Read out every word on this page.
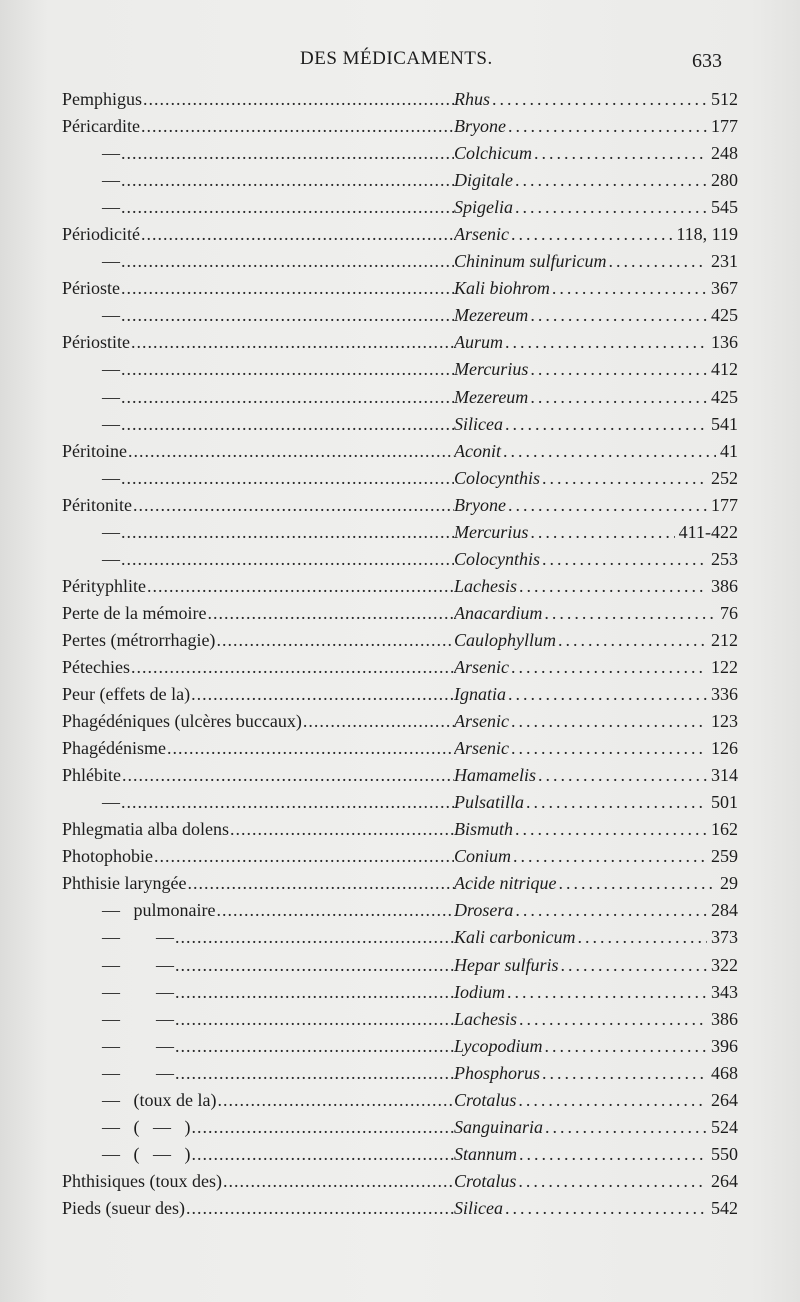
DES MÉDICAMENTS.	633
Pemphigus .....	Rhus .....	512
Péricardite .....	Bryone .....	177
— .....	Colchicum .....	248
— .....	Digitale .....	280
— .....	Spigelia .....	545
Périodicité .....	Arsenic .....	118, 119
— .....	Chininum sulfuricum .....	231
Périoste .....	Kali biohrom .....	367
— .....	Mezereum .....	425
Périostite .....	Aurum .....	136
— .....	Mercurius .....	412
— .....	Mezereum .....	425
— .....	Silicea .....	541
Péritoine .....	Aconit .....	41
— .....	Colocynthis .....	252
Péritonite .....	Bryone .....	177
— .....	Mercurius .....	411-422
— .....	Colocynthis .....	253
Pérityphlite .....	Lachesis .....	386
Perte de la mémoire .....	Anacardium .....	76
Pertes (métrorrhagie) .....	Caulophyllum .....	212
Pétechies .....	Arsenic .....	122
Peur (effets de la) .....	Ignatia .....	336
Phagédéniques (ulcères buccaux) .....	Arsenic .....	123
Phagédénisme .....	Arsenic .....	126
Phlébite .....	Hamamelis .....	314
— .....	Pulsatilla .....	501
Phlegmatia alba dolens .....	Bismuth .....	162
Photophobie .....	Conium .....	259
Phthisie laryngée .....	Acide nitrique .....	29
—   pulmonaire .....	Drosera .....	284
—        — .....	Kali carbonicum .....	373
—        — .....	Hepar sulfuris .....	322
—        — .....	Iodium .....	343
—        — .....	Lachesis .....	386
—        — .....	Lycopodium .....	396
—        — .....	Phosphorus .....	468
—   (toux de la) .....	Crotalus .....	264
—   (   —   ) .....	Sanguinaria .....	524
—   (   —   ) .....	Stannum .....	550
Phthisiques (toux des) .....	Crotalus .....	264
Pieds (sueur des) .....	Silicea .....	542
